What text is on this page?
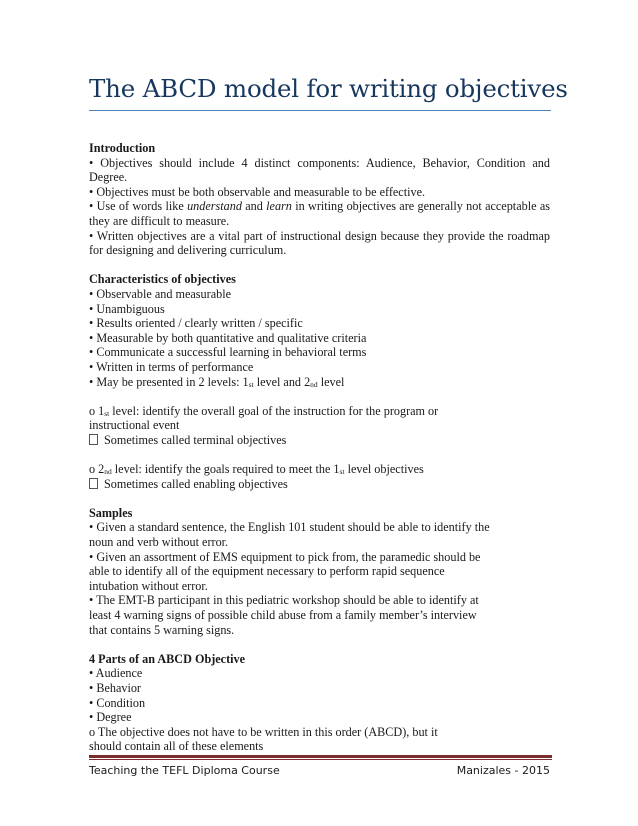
The ABCD model for writing objectives

Introduction

• Objectives should include 4 distinct components: Audience, Behavior, Condition and Degree.

• Objectives must be both observable and measurable to be effective.

• Use of words like understand and learn in writing objectives are generally not acceptable as they are difficult to measure.

• Written objectives are a vital part of instructional design because they provide the roadmap for designing and delivering curriculum.

Characteristics of objectives

• Observable and measurable

• Unambiguous

• Results oriented / clearly written / specific

• Measurable by both quantitative and qualitative criteria

• Communicate a successful learning in behavioral terms

• Written in terms of performance

• May be presented in 2 levels: 1st level and 2nd level

o 1st level: identify the overall goal of the instruction for the program or

instructional event

Sometimes called terminal objectives

o 2nd level: identify the goals required to meet the 1st level objectives

Sometimes called enabling objectives

Samples

• Given a standard sentence, the English 101 student should be able to identify the

noun and verb without error.

• Given an assortment of EMS equipment to pick from, the paramedic should be

able to identify all of the equipment necessary to perform rapid sequence

intubation without error.

• The EMT-B participant in this pediatric workshop should be able to identify at

least 4 warning signs of possible child abuse from a family member’s interview

that contains 5 warning signs.

4 Parts of an ABCD Objective

• Audience

• Behavior

• Condition

• Degree

o The objective does not have to be written in this order (ABCD), but it

should contain all of these elements

Teaching the TEFL Diploma Course	Manizales - 2015
